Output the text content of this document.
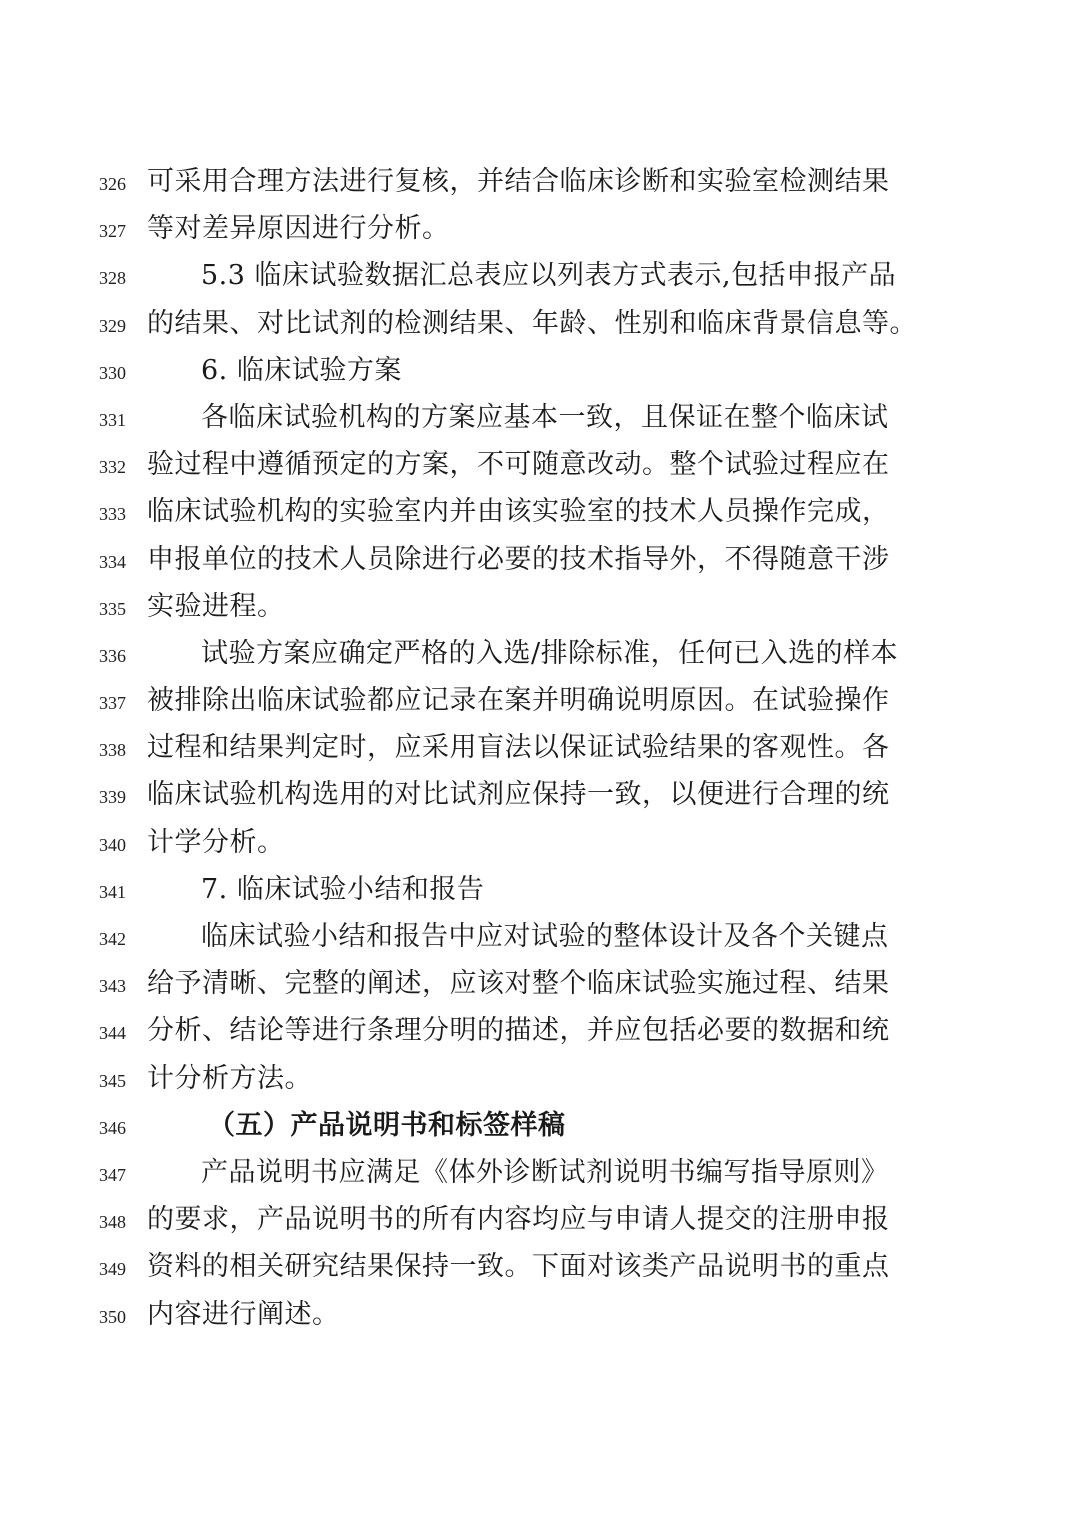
326 可采用合理方法进行复核，并结合临床诊断和实验室检测结果
327 等对差异原因进行分析。
328	5.3 临床试验数据汇总表应以列表方式表示,包括申报产品
329 的结果、对比试剂的检测结果、年龄、性别和临床背景信息等。
330	6. 临床试验方案
331	各临床试验机构的方案应基本一致，且保证在整个临床试
332 验过程中遵循预定的方案，不可随意改动。整个试验过程应在
333 临床试验机构的实验室内并由该实验室的技术人员操作完成，
334 申报单位的技术人员除进行必要的技术指导外，不得随意干涉
335 实验进程。
336	试验方案应确定严格的入选/排除标准，任何已入选的样本
337 被排除出临床试验都应记录在案并明确说明原因。在试验操作
338 过程和结果判定时，应采用盲法以保证试验结果的客观性。各
339 临床试验机构选用的对比试剂应保持一致，以便进行合理的统
340 计学分析。
341	7. 临床试验小结和报告
342	临床试验小结和报告中应对试验的整体设计及各个关键点
343 给予清晰、完整的阐述，应该对整个临床试验实施过程、结果
344 分析、结论等进行条理分明的描述，并应包括必要的数据和统
345 计分析方法。
346	（五）产品说明书和标签样稿
347	产品说明书应满足《体外诊断试剂说明书编写指导原则》
348 的要求，产品说明书的所有内容均应与申请人提交的注册申报
349 资料的相关研究结果保持一致。下面对该类产品说明书的重点
350 内容进行阐述。
